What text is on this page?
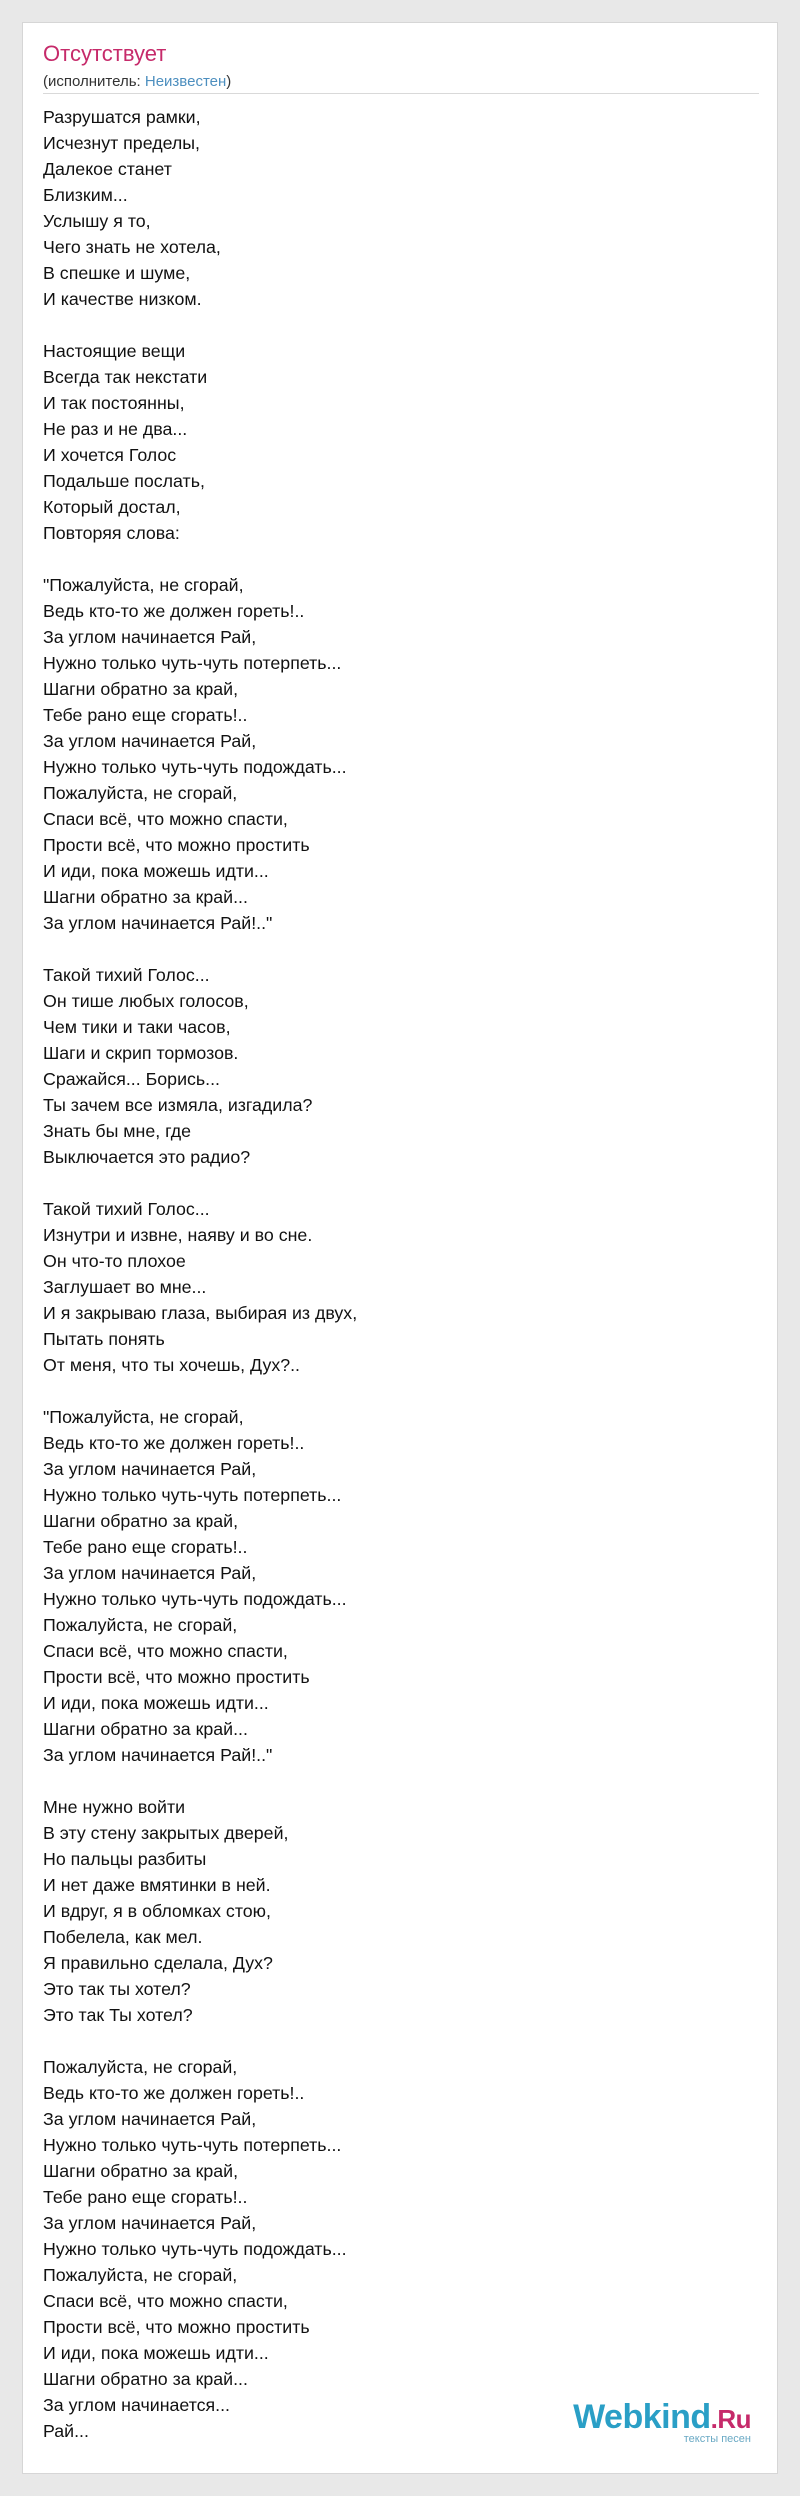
Отсутствует
(исполнитель: Неизвестен)
Разрушатся рамки,
Исчезнут пределы,
Далекое станет
Близким...
Услышу я то,
Чего знать не хотела,
В спешке и шуме,
И качестве низком.

Настоящие вещи
Всегда так некстати
И так постоянны,
Не раз и не два...
И хочется Голос
Подальше послать,
Который достал,
Повторяя слова:

"Пожалуйста, не сгорай,
Ведь кто-то же должен гореть!..
За углом начинается Рай,
Нужно только чуть-чуть потерпеть...
Шагни обратно за край,
Тебе рано еще сгорать!..
За углом начинается Рай,
Нужно только чуть-чуть подождать...
Пожалуйста, не сгорай,
Спаси всё, что можно спасти,
Прости всё, что можно простить
И иди, пока можешь идти...
Шагни обратно за край...
За углом начинается Рай!.."

Такой тихий Голос...
Он тише любых голосов,
Чем тики и таки часов,
Шаги и скрип тормозов.
Сражайся... Борись...
Ты зачем все измяла, изгадила?
Знать бы мне, где
Выключается это радио?

Такой тихий Голос...
Изнутри и извне, наяву и во сне.
Он что-то плохое
Заглушает во мне...
И я закрываю глаза, выбирая из двух,
Пытать понять
От меня, что ты хочешь, Дух?..

"Пожалуйста, не сгорай,
Ведь кто-то же должен гореть!..
За углом начинается Рай,
Нужно только чуть-чуть потерпеть...
Шагни обратно за край,
Тебе рано еще сгорать!..
За углом начинается Рай,
Нужно только чуть-чуть подождать...
Пожалуйста, не сгорай,
Спаси всё, что можно спасти,
Прости всё, что можно простить
И иди, пока можешь идти...
Шагни обратно за край...
За углом начинается Рай!.."

Мне нужно войти
В эту стену закрытых дверей,
Но пальцы разбиты
И нет даже вмятинки в ней.
И вдруг, я в обломках стою,
Побелела, как мел.
Я правильно сделала, Дух?
Это так ты хотел?
Это так Ты хотел?

Пожалуйста, не сгорай,
Ведь кто-то же должен гореть!..
За углом начинается Рай,
Нужно только чуть-чуть потерпеть...
Шагни обратно за край,
Тебе рано еще сгорать!..
За углом начинается Рай,
Нужно только чуть-чуть подождать...
Пожалуйста, не сгорай,
Спаси всё, что можно спасти,
Прости всё, что можно простить
И иди, пока можешь идти...
Шагни обратно за край...
За углом начинается...
Рай...	Webkind.Ru
тексты песен
